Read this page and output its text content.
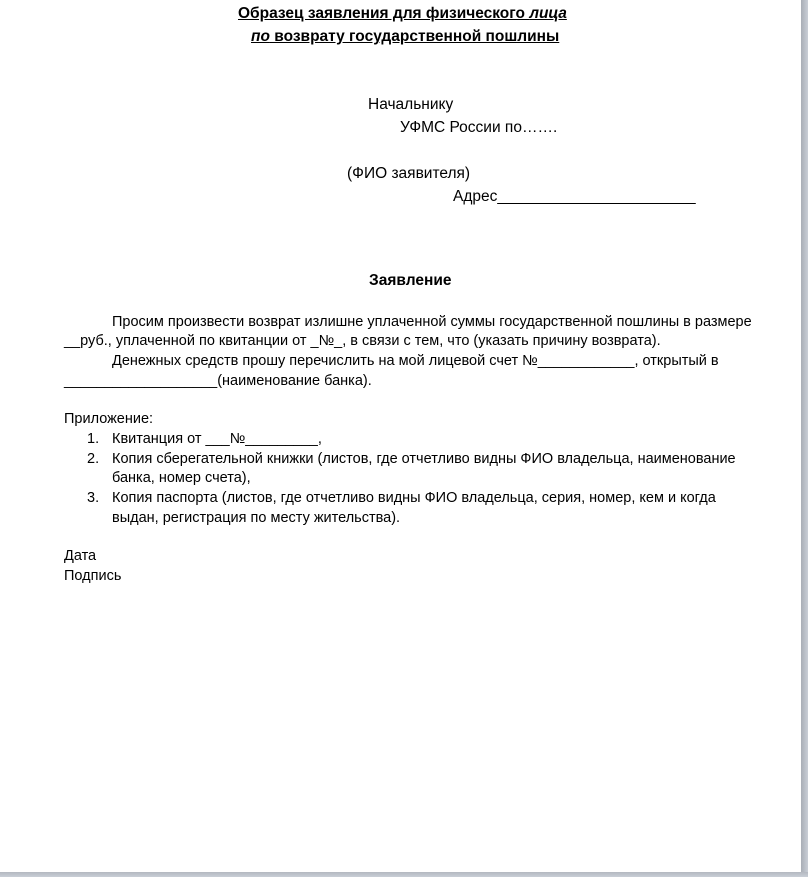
Образец заявления для физического лица
по возврату государственной пошлины
Начальнику
УФМС России по…….
(ФИО заявителя)
Адрес_______________________
Заявление
Просим произвести возврат излишне уплаченной суммы государственной пошлины в размере
__руб., уплаченной по квитанции от _№_, в связи с тем, что (указать причину возврата).
Денежных средств прошу перечислить на мой лицевой счет №____________, открытый в
___________________(наименование банка).
Приложение:
1. Квитанция от ___№_________,
2. Копия сберегательной книжки (листов, где отчетливо видны ФИО владельца, наименование
банка, номер счета),
3. Копия паспорта (листов, где отчетливо видны ФИО владельца, серия, номер, кем и когда
выдан, регистрация по месту жительства).
Дата
Подпись
